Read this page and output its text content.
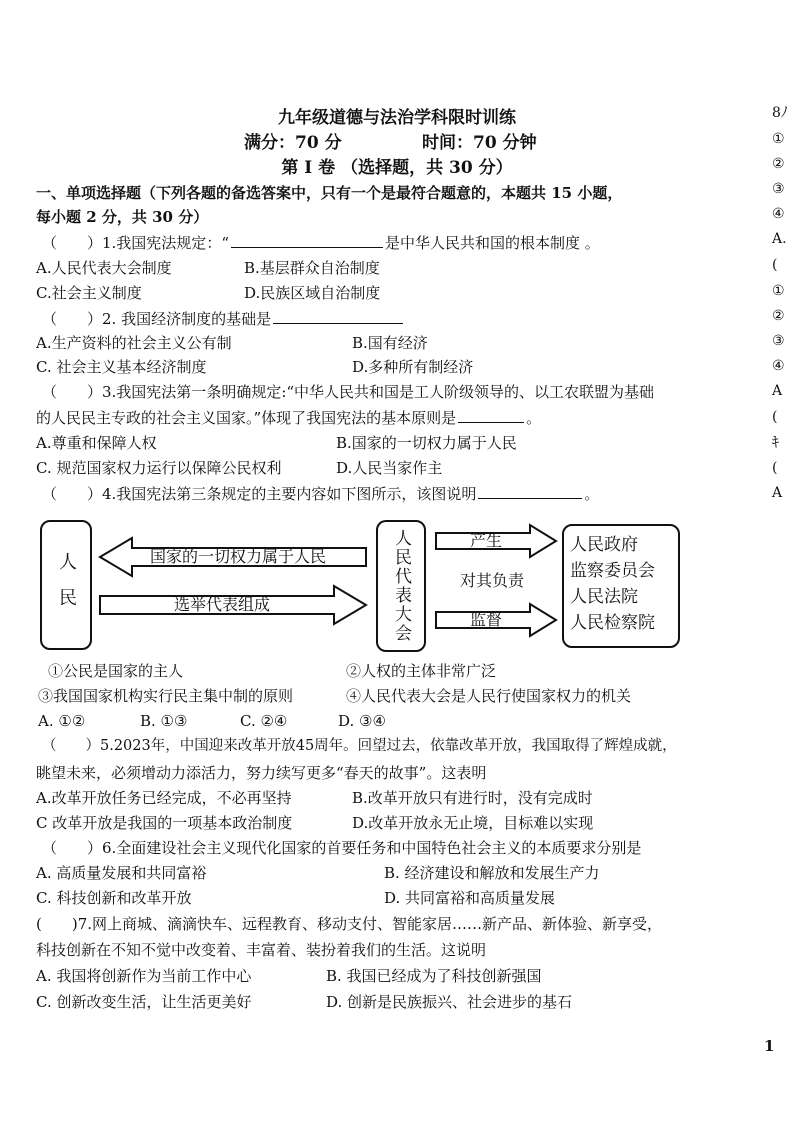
九年级道德与法治学科限时训练
满分：70 分	时间：70 分钟
第 I 卷 （选择题，共 30 分）
一、单项选择题（下列各题的备选答案中，只有一个是最符合题意的，本题共 15 小题，
每小题 2 分，共 30 分）
（　　）1.我国宪法规定：“	是中华人民共和国的根本制度 。
A.人民代表大会制度	B.基层群众自治制度
C.社会主义制度	D.民族区域自治制度
（　　）2. 我国经济制度的基础是
A.生产资料的社会主义公有制	B.国有经济
C. 社会主义基本经济制度	D.多种所有制经济
（　　）3.我国宪法第一条明确规定:“中华人民共和国是工人阶级领导的、以工农联盟为基础
的人民民主专政的社会主义国家。”体现了我国宪法的基本原则是	。
A.尊重和保障人权	B.国家的一切权力属于人民
C. 规范国家权力运行以保障公民权利	D.人民当家作主
（　　）4.我国宪法第三条规定的主要内容如下图所示，该图说明	。
人民	国家的一切权力属于人民
选举代表组成	人民代表大会	产生
对其负责
监督
人民政府
监察委员会
人民法院
人民检察院
①公民是国家的主人	②人权的主体非常广泛
③我国国家机构实行民主集中制的原则	④人民代表大会是人民行使国家权力的机关
A. ①②	B. ①③	C. ②④	D. ③④
（　　）5.2023年，中国迎来改革开放45周年。回望过去，依靠改革开放，我国取得了辉煌成就，
眺望未来，必须增动力添活力，努力续写更多“春天的故事”。这表明
A.改革开放任务已经完成，不必再坚持	B.改革开放只有进行时，没有完成时
C 改革开放是我国的一项基本政治制度	D.改革开放永无止境，目标难以实现
（　　）6.全面建设社会主义现代化国家的首要任务和中国特色社会主义的本质要求分别是
A. 高质量发展和共同富裕	B. 经济建设和解放和发展生产力
C. 科技创新和改革开放	D. 共同富裕和高质量发展
(　　)7.网上商城、滴滴快车、远程教育、移动支付、智能家居……新产品、新体验、新享受，
科技创新在不知不觉中改变着、丰富着、装扮着我们的生活。这说明
A. 我国将创新作为当前工作中心	B. 我国已经成为了科技创新强国
C. 创新改变生活，让生活更美好	D. 创新是民族振兴、社会进步的基石
1
8ﾉ
①
②
③
④
A.
(
①
②
③
④
A
(
ｷ
(
A
